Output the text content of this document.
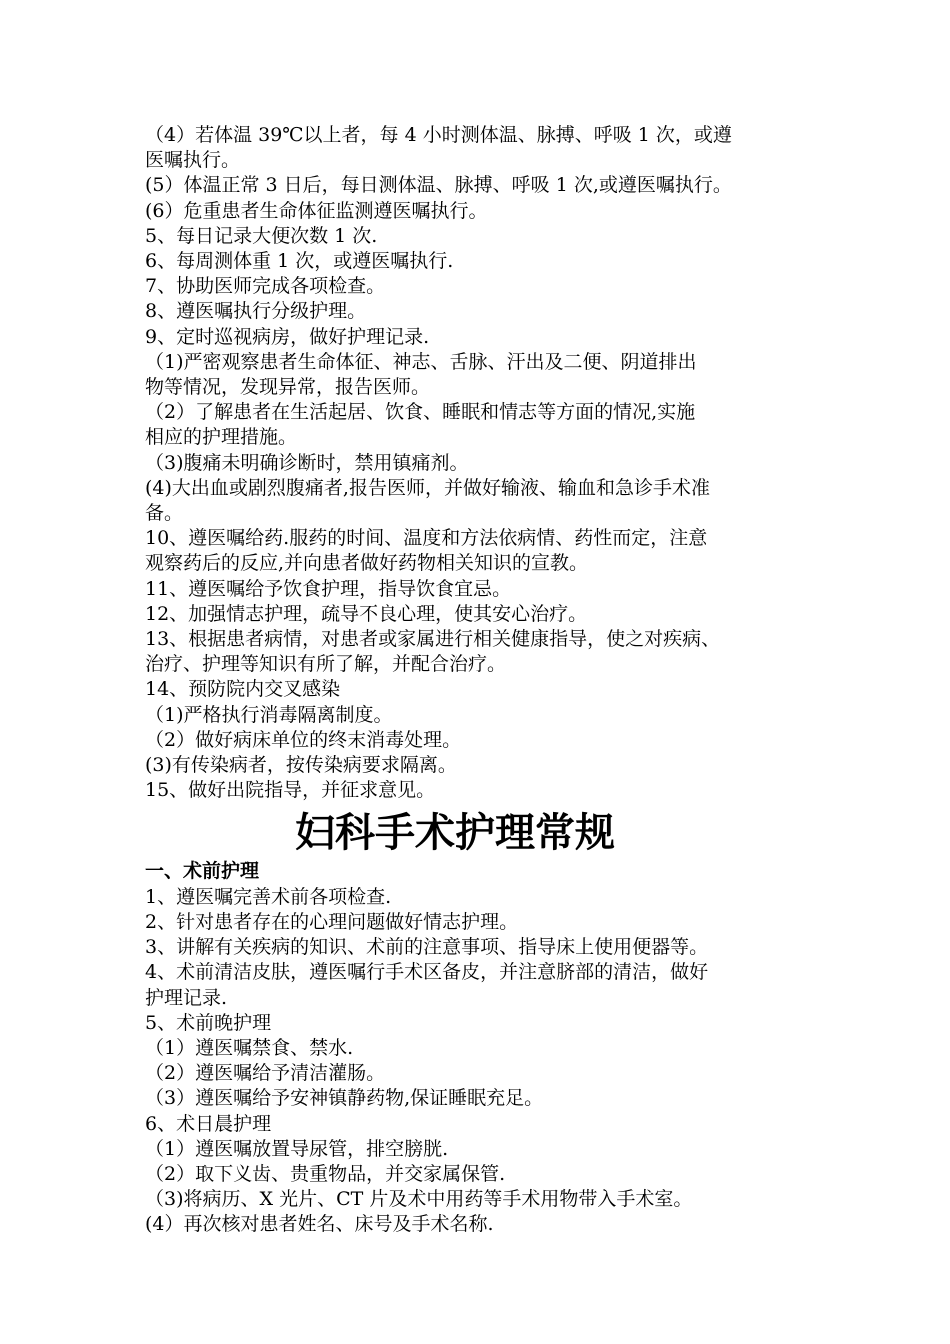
（4）若体温 39℃以上者，每 4 小时测体温、脉搏、呼吸 1 次，或遵
医嘱执行。
(5）体温正常 3 日后，每日测体温、脉搏、呼吸 1 次,或遵医嘱执行。
(6）危重患者生命体征监测遵医嘱执行。
5、每日记录大便次数 1 次.
6、每周测体重 1 次，或遵医嘱执行.
7、协助医师完成各项检查。
8、遵医嘱执行分级护理。
9、定时巡视病房，做好护理记录.
（1)严密观察患者生命体征、神志、舌脉、汗出及二便、阴道排出
物等情况，发现异常，报告医师。
（2）了解患者在生活起居、饮食、睡眠和情志等方面的情况,实施
相应的护理措施。
（3)腹痛未明确诊断时，禁用镇痛剂。
(4)大出血或剧烈腹痛者,报告医师，并做好输液、输血和急诊手术准
备。
10、遵医嘱给药.服药的时间、温度和方法依病情、药性而定，注意
观察药后的反应,并向患者做好药物相关知识的宣教。
11、遵医嘱给予饮食护理，指导饮食宜忌。
12、加强情志护理，疏导不良心理，使其安心治疗。
13、根据患者病情，对患者或家属进行相关健康指导，使之对疾病、
治疗、护理等知识有所了解，并配合治疗。
14、预防院内交叉感染
（1)严格执行消毒隔离制度。
（2）做好病床单位的终末消毒处理。
(3)有传染病者，按传染病要求隔离。
15、做好出院指导，并征求意见。
妇科手术护理常规
一、术前护理
1、遵医嘱完善术前各项检查.
2、针对患者存在的心理问题做好情志护理。
3、讲解有关疾病的知识、术前的注意事项、指导床上使用便器等。
4、术前清洁皮肤，遵医嘱行手术区备皮，并注意脐部的清洁，做好
护理记录.
5、术前晚护理
（1）遵医嘱禁食、禁水.
（2）遵医嘱给予清洁灌肠。
（3）遵医嘱给予安神镇静药物,保证睡眠充足。
6、术日晨护理
（1）遵医嘱放置导尿管，排空膀胱.
（2）取下义齿、贵重物品，并交家属保管.
（3)将病历、X 光片、CT 片及术中用药等手术用物带入手术室。
(4）再次核对患者姓名、床号及手术名称.
